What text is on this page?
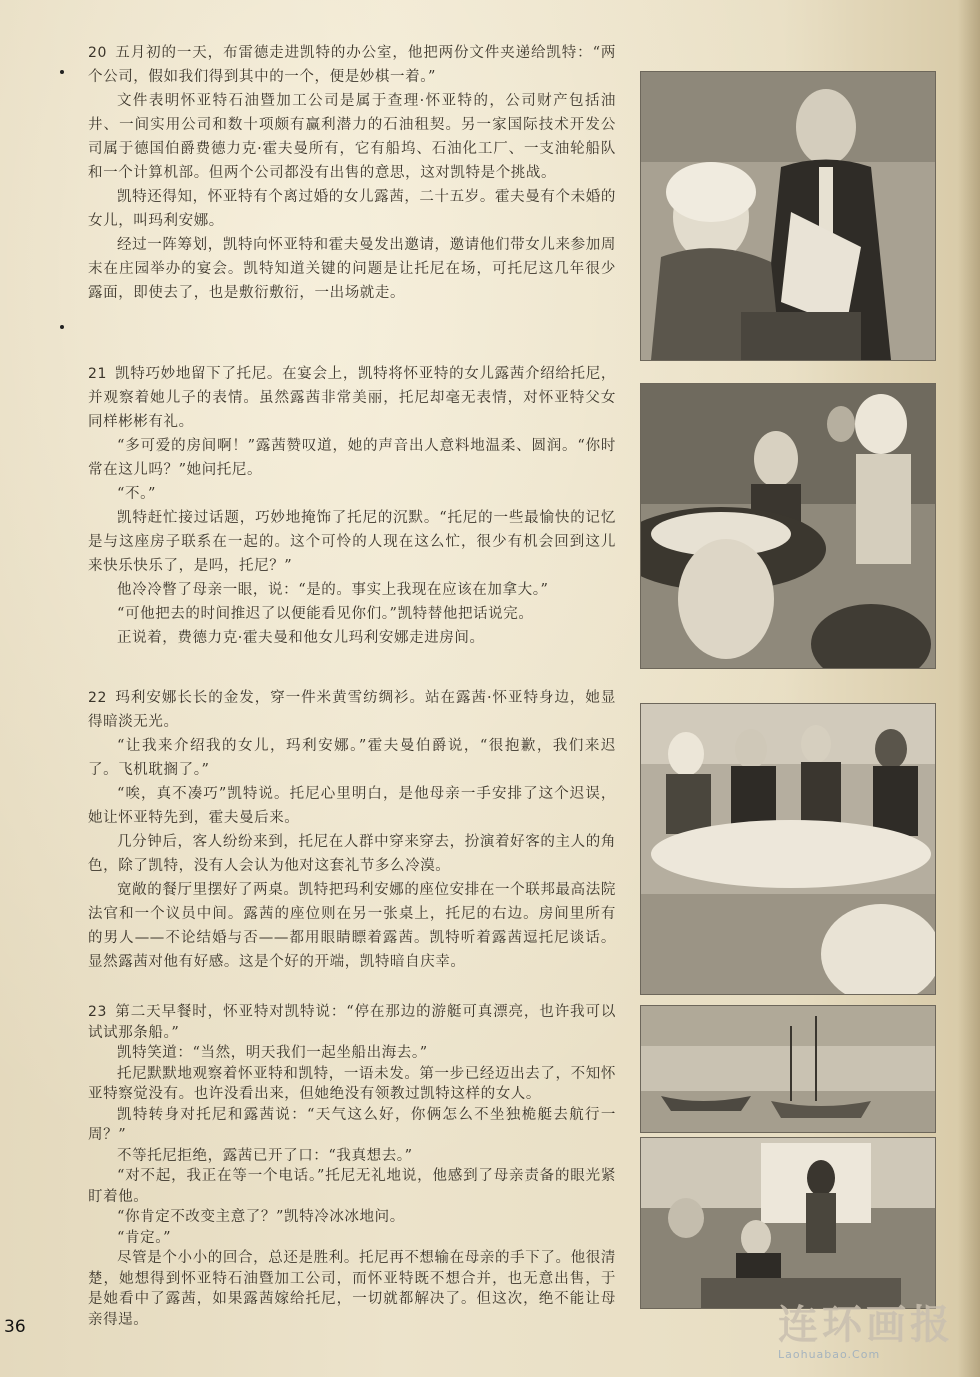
20 五月初的一天，布雷德走进凯特的办公室，他把两份文件夹递给凯特：“两个公司，假如我们得到其中的一个，便是妙棋一着。”

文件表明怀亚特石油暨加工公司是属于查理·怀亚特的，公司财产包括油井、一间实用公司和数十项颇有赢利潜力的石油租契。另一家国际技术开发公司属于德国伯爵费德力克·霍夫曼所有，它有船坞、石油化工厂、一支油轮船队和一个计算机部。但两个公司都没有出售的意思，这对凯特是个挑战。

凯特还得知，怀亚特有个离过婚的女儿露茜，二十五岁。霍夫曼有个未婚的女儿，叫玛利安娜。

经过一阵筹划，凯特向怀亚特和霍夫曼发出邀请，邀请他们带女儿来参加周末在庄园举办的宴会。凯特知道关键的问题是让托尼在场，可托尼这几年很少露面，即使去了，也是敷衍敷衍，一出场就走。

21 凯特巧妙地留下了托尼。在宴会上，凯特将怀亚特的女儿露茜介绍给托尼，并观察着她儿子的表情。虽然露茜非常美丽，托尼却毫无表情，对怀亚特父女同样彬彬有礼。

“多可爱的房间啊！”露茜赞叹道，她的声音出人意料地温柔、圆润。“你时常在这儿吗？”她问托尼。

“不。”

凯特赶忙接过话题，巧妙地掩饰了托尼的沉默。“托尼的一些最愉快的记忆是与这座房子联系在一起的。这个可怜的人现在这么忙，很少有机会回到这儿来快乐快乐了，是吗，托尼？”

他冷冷瞥了母亲一眼，说：“是的。事实上我现在应该在加拿大。”

“可他把去的时间推迟了以便能看见你们。”凯特替他把话说完。

正说着，费德力克·霍夫曼和他女儿玛利安娜走进房间。

22 玛利安娜长长的金发，穿一件米黄雪纺绸衫。站在露茜·怀亚特身边，她显得暗淡无光。

“让我来介绍我的女儿，玛利安娜。”霍夫曼伯爵说，“很抱歉，我们来迟了。飞机耽搁了。”

“唉，真不凑巧”凯特说。托尼心里明白，是他母亲一手安排了这个迟误，她让怀亚特先到，霍夫曼后来。

几分钟后，客人纷纷来到，托尼在人群中穿来穿去，扮演着好客的主人的角色，除了凯特，没有人会认为他对这套礼节多么冷漠。

宽敞的餐厅里摆好了两桌。凯特把玛利安娜的座位安排在一个联邦最高法院法官和一个议员中间。露茜的座位则在另一张桌上，托尼的右边。房间里所有的男人——不论结婚与否——都用眼睛瞟着露茜。凯特听着露茜逗托尼谈话。显然露茜对他有好感。这是个好的开端，凯特暗自庆幸。

23 第二天早餐时，怀亚特对凯特说：“停在那边的游艇可真漂亮，也许我可以试试那条船。”

凯特笑道：“当然，明天我们一起坐船出海去。”

托尼默默地观察着怀亚特和凯特，一语未发。第一步已经迈出去了，不知怀亚特察觉没有。也许没看出来，但她绝没有领教过凯特这样的女人。

凯特转身对托尼和露茜说：“天气这么好，你俩怎么不坐独桅艇去航行一周？”

不等托尼拒绝，露茜已开了口：“我真想去。”

“对不起，我正在等一个电话。”托尼无礼地说，他感到了母亲责备的眼光紧盯着他。

“你肯定不改变主意了？”凯特冷冰冰地问。

“肯定。”

尽管是个小小的回合，总还是胜利。托尼再不想输在母亲的手下了。他很清楚，她想得到怀亚特石油暨加工公司，而怀亚特既不想合并，也无意出售，于是她看中了露茜，如果露茜嫁给托尼，一切就都解决了。但这次，绝不能让母亲得逞。

36	连环画报
Laohuabao.Com
